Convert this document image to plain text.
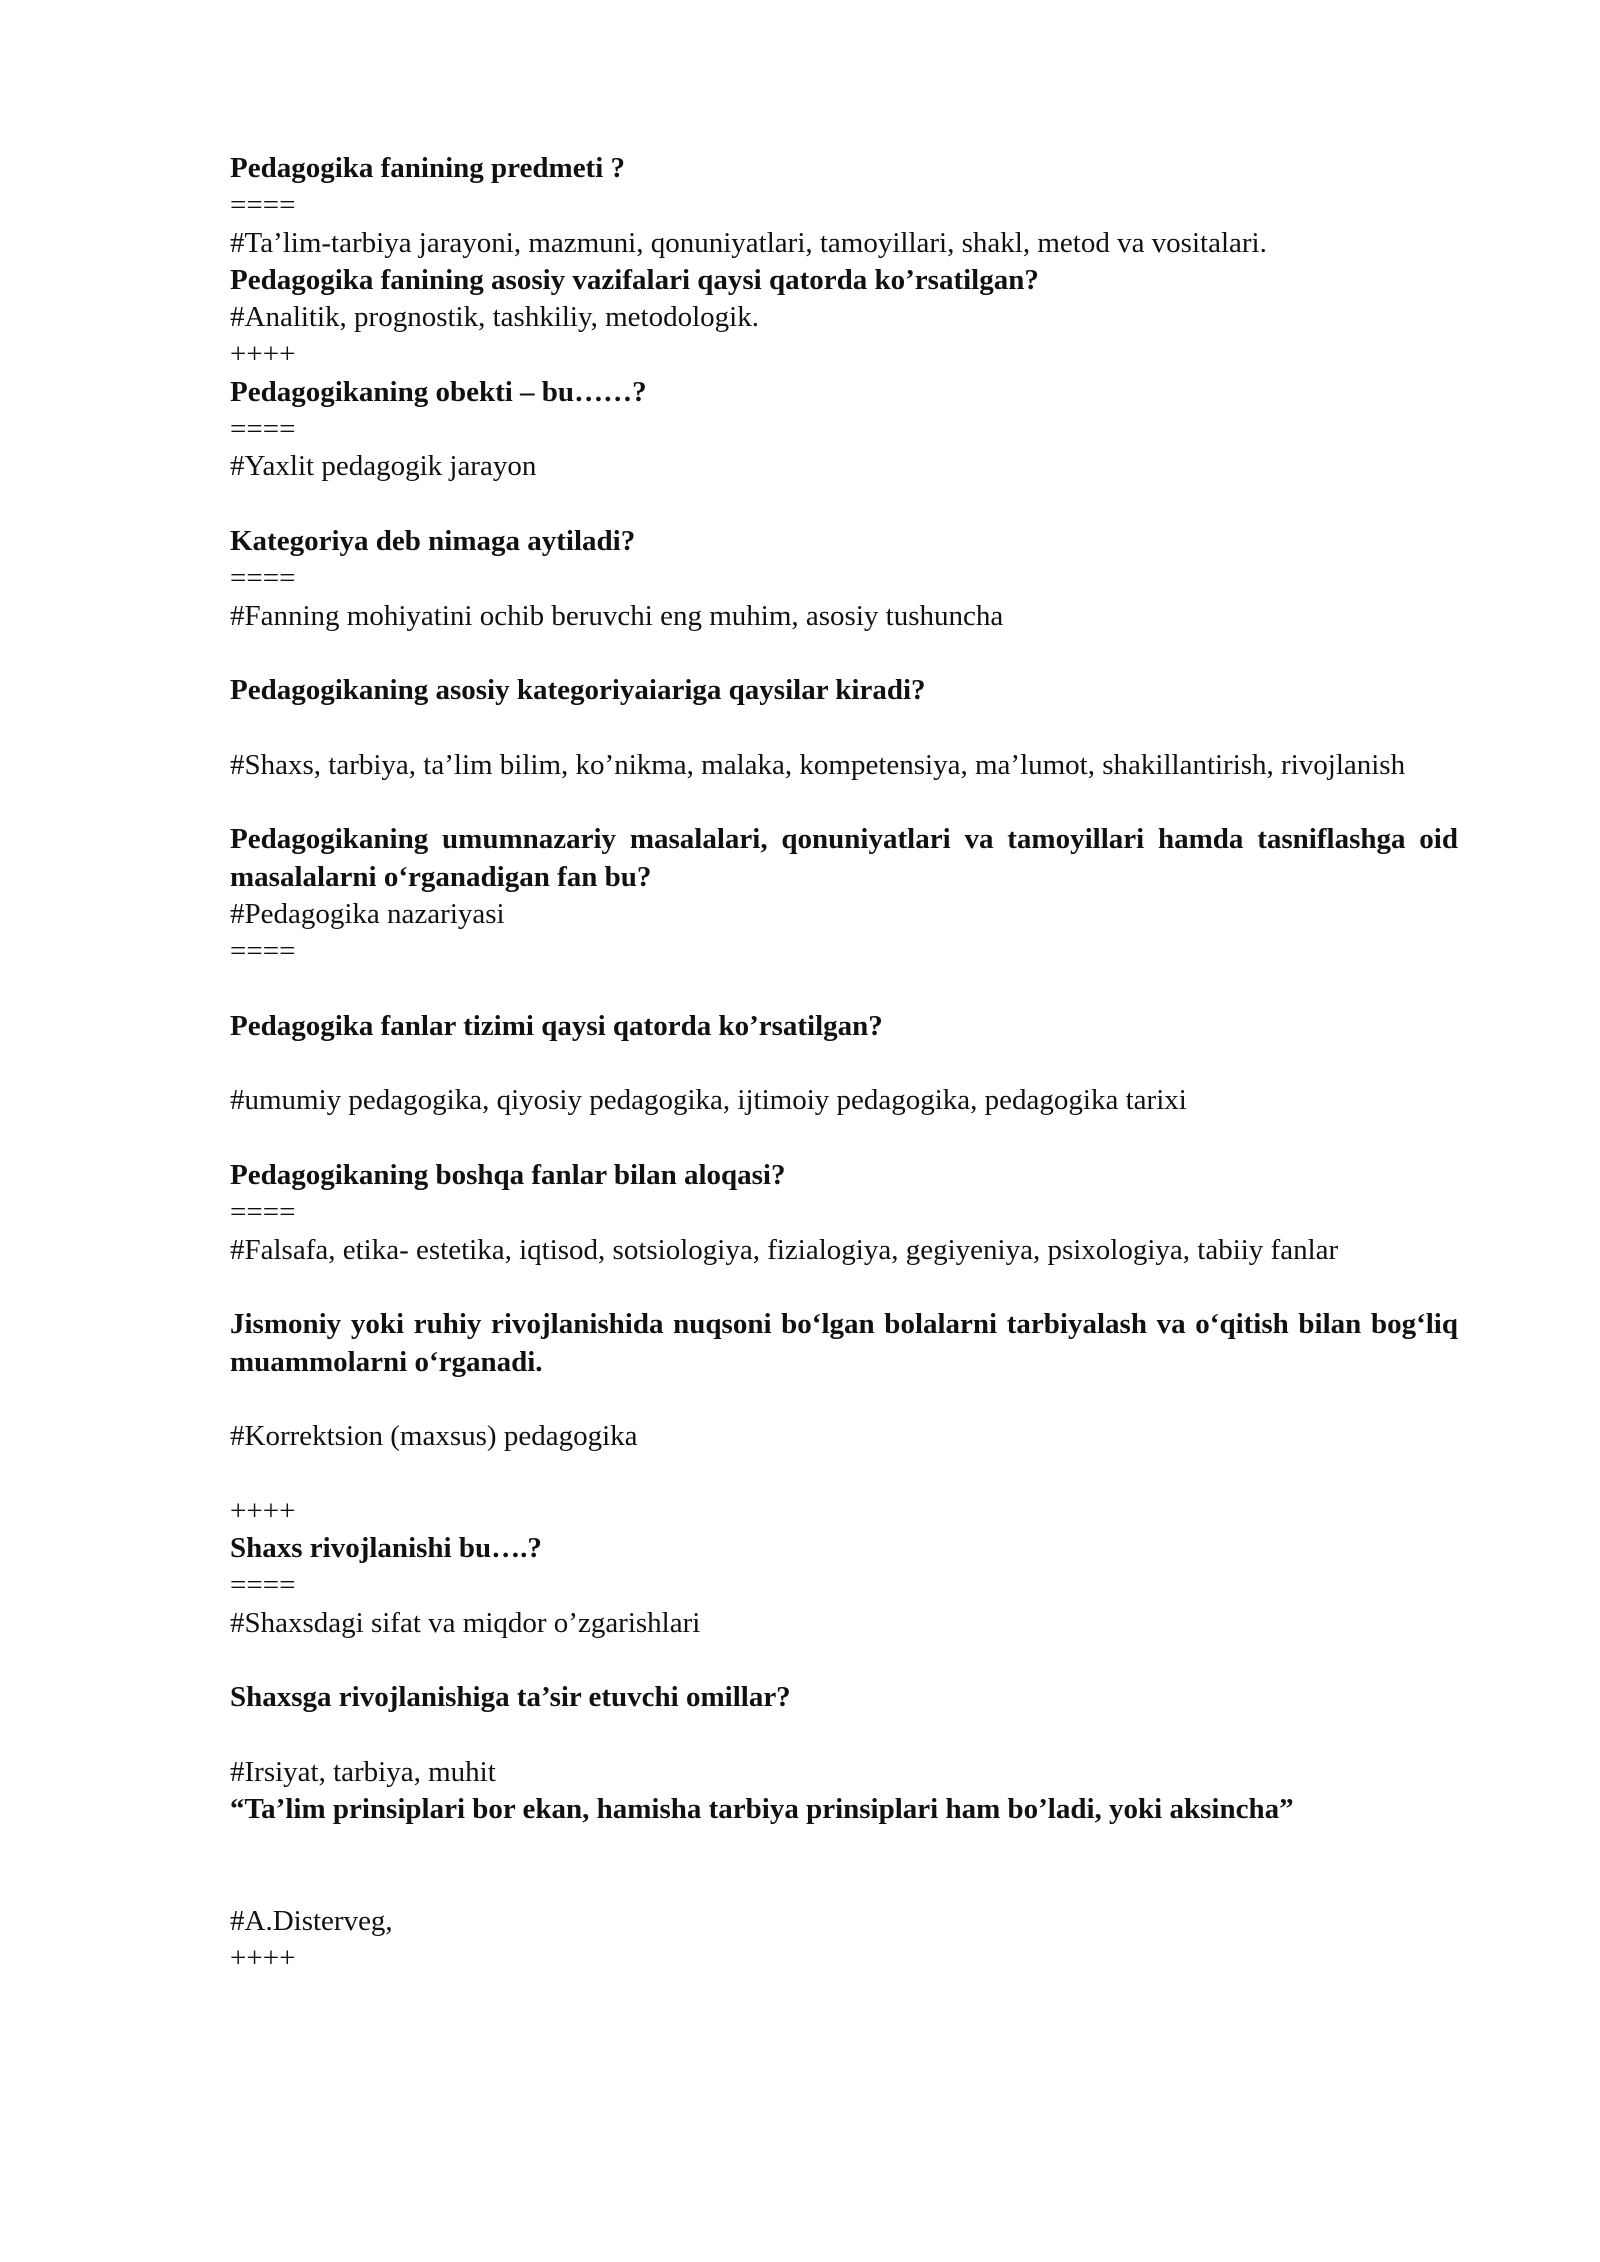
Pedagogika fanining predmeti ?
====
#Ta’lim-tarbiya jarayoni, mazmuni, qonuniyatlari, tamoyillari, shakl, metod va vositalari.
Pedagogika fanining asosiy vazifalari qaysi qatorda ko’rsatilgan?
#Analitik, prognostik, tashkiliy, metodologik.
++++
Pedagogikaning obekti – bu……?
====
#Yaxlit pedagogik jarayon
Kategoriya deb nimaga aytiladi?
====
#Fanning mohiyatini ochib beruvchi eng muhim, asosiy tushuncha
Pedagogikaning asosiy kategoriyaiariga qaysilar kiradi?
#Shaxs, tarbiya, ta’lim bilim, ko’nikma, malaka, kompetensiya, ma’lumot, shakillantirish, rivojlanish
Pedagogikaning umumnazariy masalalari, qonuniyatlari va tamoyillari hamda tasniflashga oid masalalarni o‘rganadigan fan bu?
#Pedagogika nazariyasi
====
Pedagogika fanlar tizimi qaysi qatorda ko’rsatilgan?
#umumiy pedagogika, qiyosiy pedagogika, ijtimoiy pedagogika, pedagogika tarixi
Pedagogikaning boshqa fanlar bilan aloqasi?
====
#Falsafa, etika- estetika, iqtisod, sotsiologiya, fizialogiya, gegiyeniya, psixologiya, tabiiy fanlar
Jismoniy yoki ruhiy rivojlanishida nuqsoni bo‘lgan bolalarni tarbiyalash va o‘qitish bilan bog‘liq muammolarni o‘rganadi.
#Korrektsion (maxsus) pedagogika
++++
Shaxs rivojlanishi bu….?
====
#Shaxsdagi sifat va miqdor o’zgarishlari
Shaxsga rivojlanishiga ta’sir etuvchi omillar?
#Irsiyat, tarbiya, muhit
“Ta’lim prinsiplari bor ekan, hamisha tarbiya prinsiplari ham bo’ladi, yoki aksincha”
#A.Disterveg,
++++
